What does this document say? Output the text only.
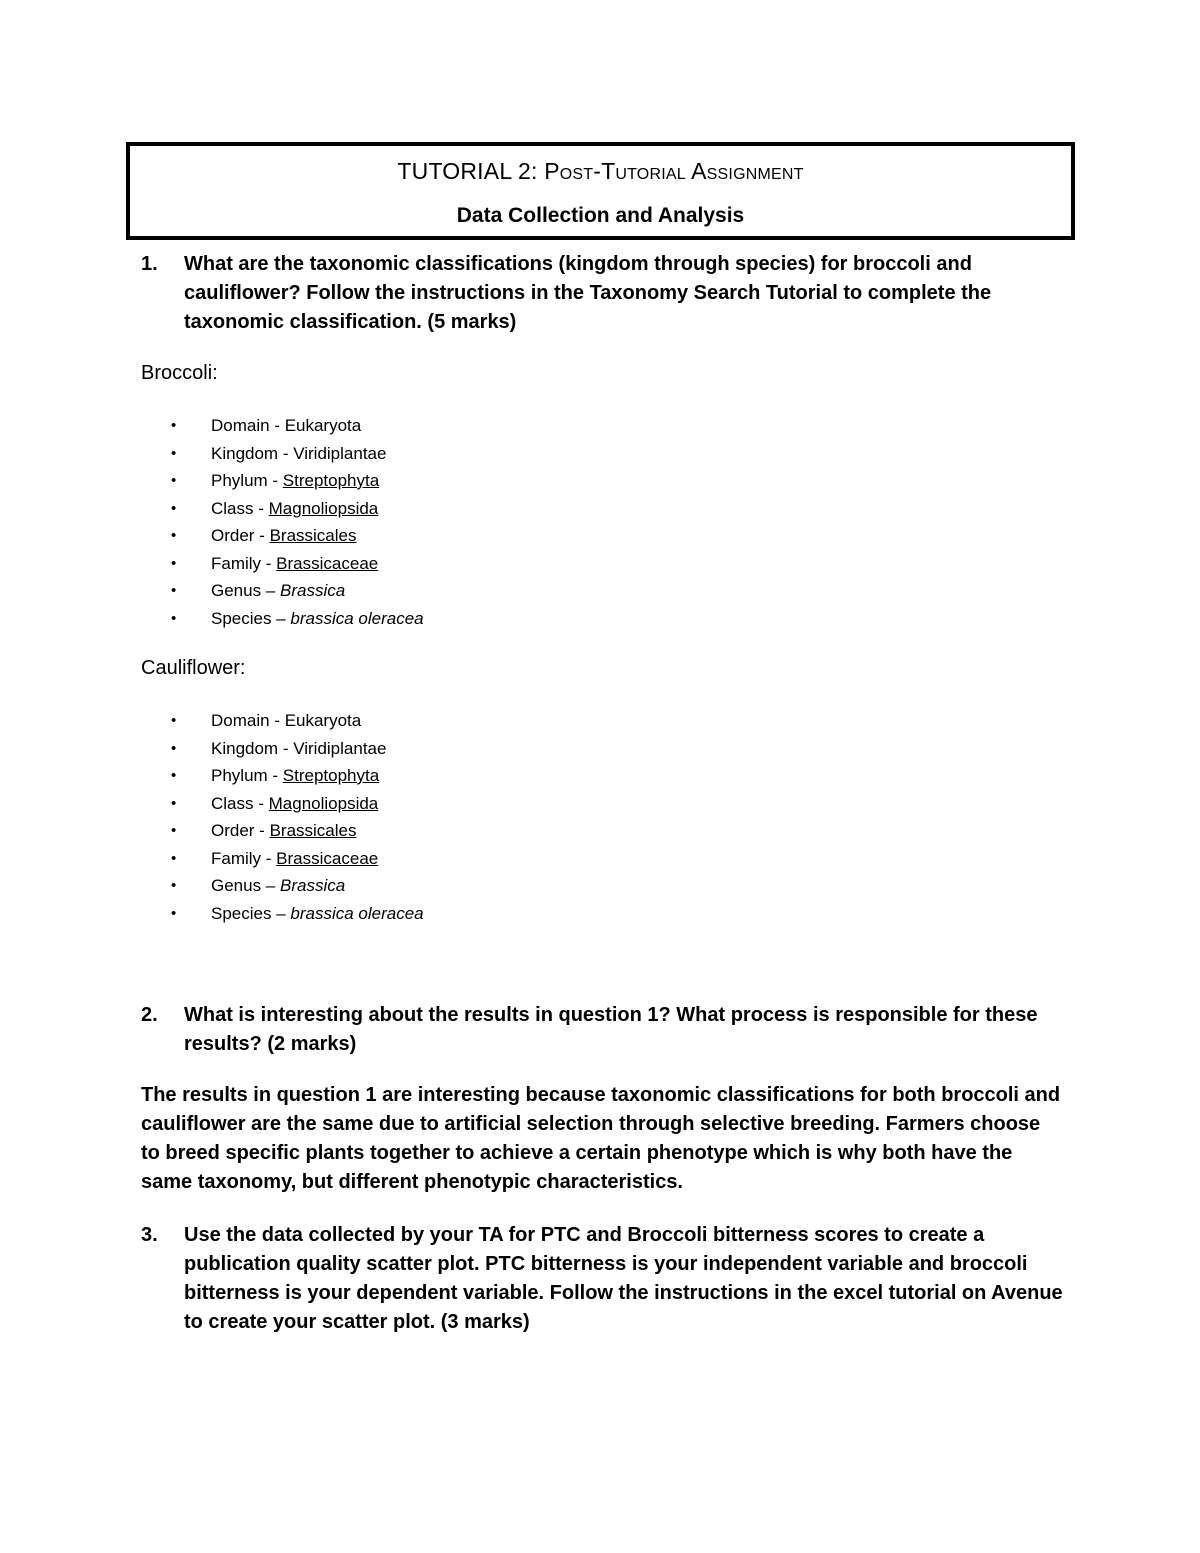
TUTORIAL 2: Post-Tutorial Assignment
Data Collection and Analysis
1. What are the taxonomic classifications (kingdom through species) for broccoli and cauliflower? Follow the instructions in the Taxonomy Search Tutorial to complete the taxonomic classification. (5 marks)
Broccoli:
• Domain - Eukaryota
• Kingdom - Viridiplantae
• Phylum - Streptophyta
• Class - Magnoliopsida
• Order - Brassicales
• Family - Brassicaceae
• Genus – Brassica
• Species – brassica oleracea
Cauliflower:
• Domain - Eukaryota
• Kingdom - Viridiplantae
• Phylum - Streptophyta
• Class - Magnoliopsida
• Order - Brassicales
• Family - Brassicaceae
• Genus – Brassica
• Species – brassica oleracea
2. What is interesting about the results in question 1? What process is responsible for these results? (2 marks)
The results in question 1 are interesting because taxonomic classifications for both broccoli and cauliflower are the same due to artificial selection through selective breeding. Farmers choose to breed specific plants together to achieve a certain phenotype which is why both have the same taxonomy, but different phenotypic characteristics.
3. Use the data collected by your TA for PTC and Broccoli bitterness scores to create a publication quality scatter plot. PTC bitterness is your independent variable and broccoli bitterness is your dependent variable. Follow the instructions in the excel tutorial on Avenue to create your scatter plot. (3 marks)
